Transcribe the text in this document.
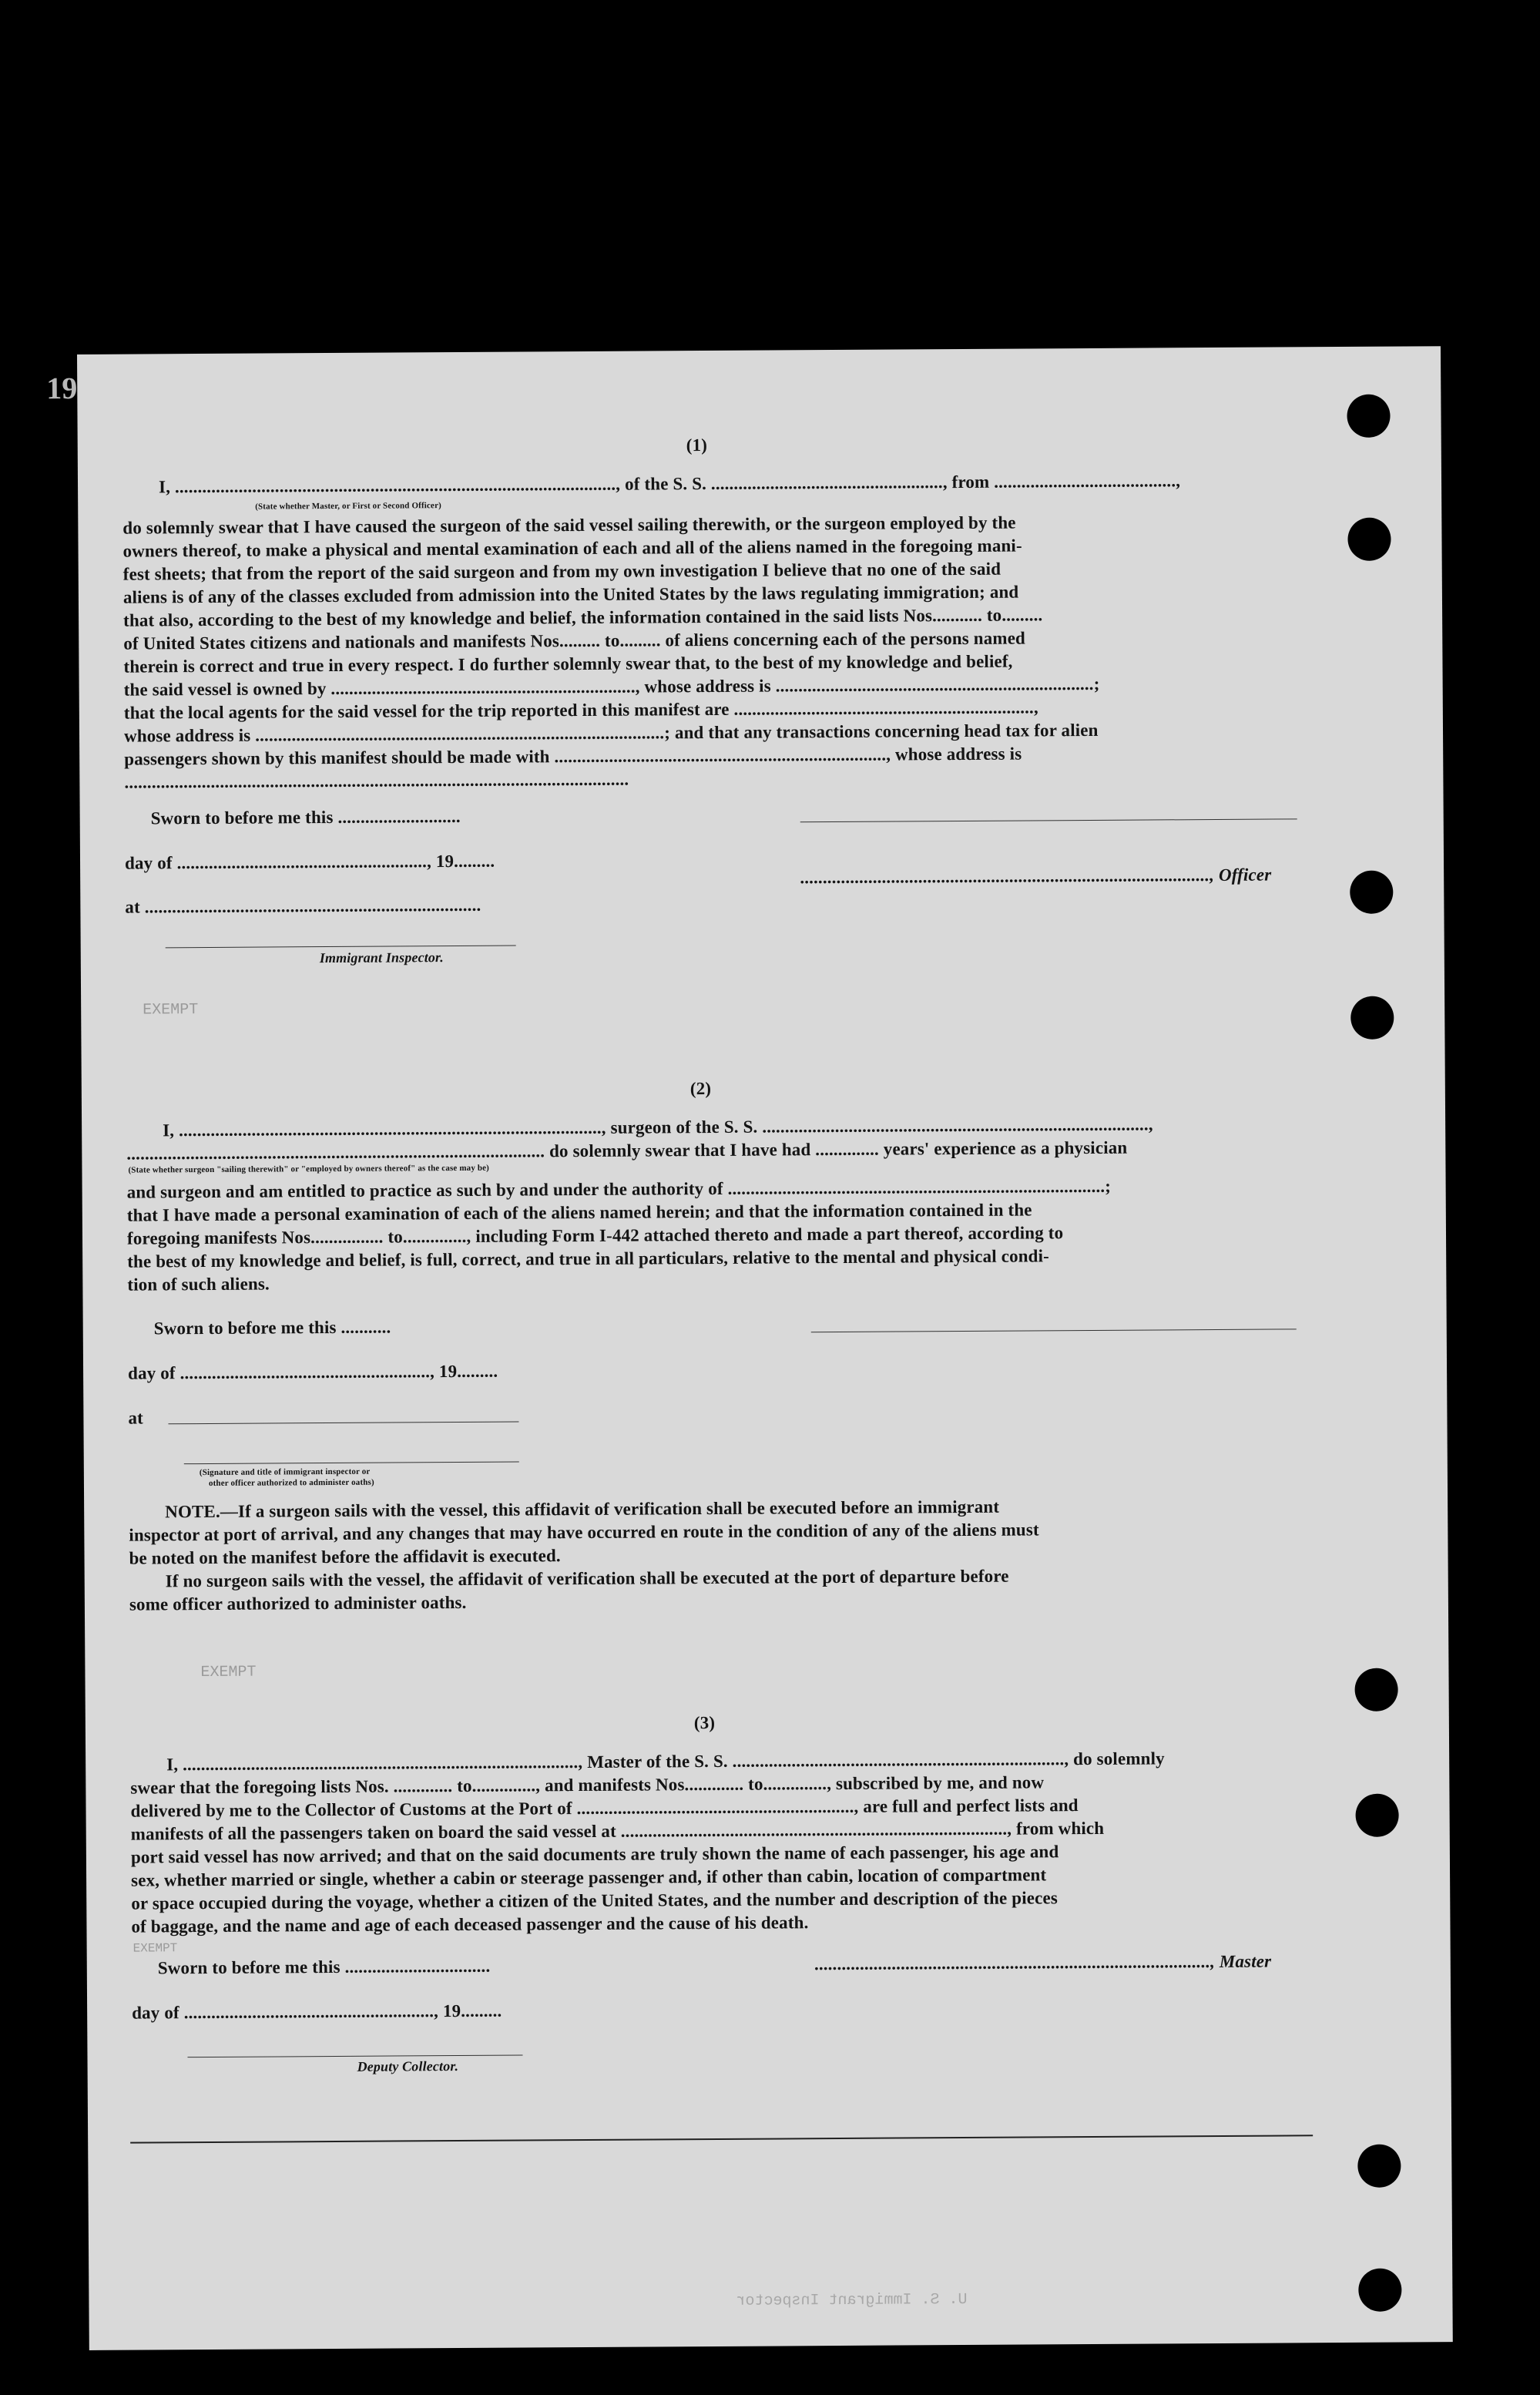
19
(1)
I, ................................................................................................., of the S. S. ..................................................., from ........................................,
(State whether Master, or First or Second Officer)
do solemnly swear that I have caused the surgeon of the said vessel sailing therewith, or the surgeon employed by the
owners thereof, to make a physical and mental examination of each and all of the aliens named in the foregoing mani-
fest sheets; that from the report of the said surgeon and from my own investigation I believe that no one of the said
aliens is of any of the classes excluded from admission into the United States by the laws regulating immigration; and
that also, according to the best of my knowledge and belief, the information contained in the said lists Nos........... to.........
of United States citizens and nationals and manifests Nos......... to......... of aliens concerning each of the persons named
therein is correct and true in every respect. I do further solemnly swear that, to the best of my knowledge and belief,
the said vessel is owned by ..................................................................., whose address is ......................................................................;
that the local agents for the said vessel for the trip reported in this manifest are ..................................................................,
whose address is ..........................................................................................; and that any transactions concerning head tax for alien
passengers shown by this manifest should be made with ........................................................................., whose address is
...............................................................................................................
Sworn to before me this ...........................
day of ......................................................., 19.........
.........................................................................................., Officer
at ..........................................................................
Immigrant Inspector.
EXEMPT
(2)
I, ............................................................................................., surgeon of the S. S. .....................................................................................,
............................................................................................ do solemnly swear that I have had .............. years' experience as a physician
(State whether surgeon "sailing therewith" or "employed by owners thereof" as the case may be)
and surgeon and am entitled to practice as such by and under the authority of ...................................................................................;
that I have made a personal examination of each of the aliens named herein; and that the information contained in the
foregoing manifests Nos................ to.............., including Form I-442 attached thereto and made a part thereof, according to
the best of my knowledge and belief, is full, correct, and true in all particulars, relative to the mental and physical condi-
tion of such aliens.
Sworn to before me this ...........
day of ......................................................., 19.........
at
(Signature and title of immigrant inspector or
other officer authorized to administer oaths)
NOTE.—If a surgeon sails with the vessel, this affidavit of verification shall be executed before an immigrant
inspector at port of arrival, and any changes that may have occurred en route in the condition of any of the aliens must
be noted on the manifest before the affidavit is executed.
If no surgeon sails with the vessel, the affidavit of verification shall be executed at the port of departure before
some officer authorized to administer oaths.
EXEMPT
(3)
I, ......................................................................................., Master of the S. S. ........................................................................., do solemnly
swear that the foregoing lists Nos. ............. to.............., and manifests Nos............. to.............., subscribed by me, and now
delivered by me to the Collector of Customs at the Port of ............................................................., are full and perfect lists and
manifests of all the passengers taken on board the said vessel at ....................................................................................., from which
port said vessel has now arrived; and that on the said documents are truly shown the name of each passenger, his age and
sex, whether married or single, whether a cabin or steerage passenger and, if other than cabin, location of compartment
or space occupied during the voyage, whether a citizen of the United States, and the number and description of the pieces
of baggage, and the name and age of each deceased passenger and the cause of his death.
EXEMPT
Sworn to before me this ................................	......................................................................................., Master
day of ......................................................., 19.........
Deputy Collector.
U. S. Immigrant Inspector
